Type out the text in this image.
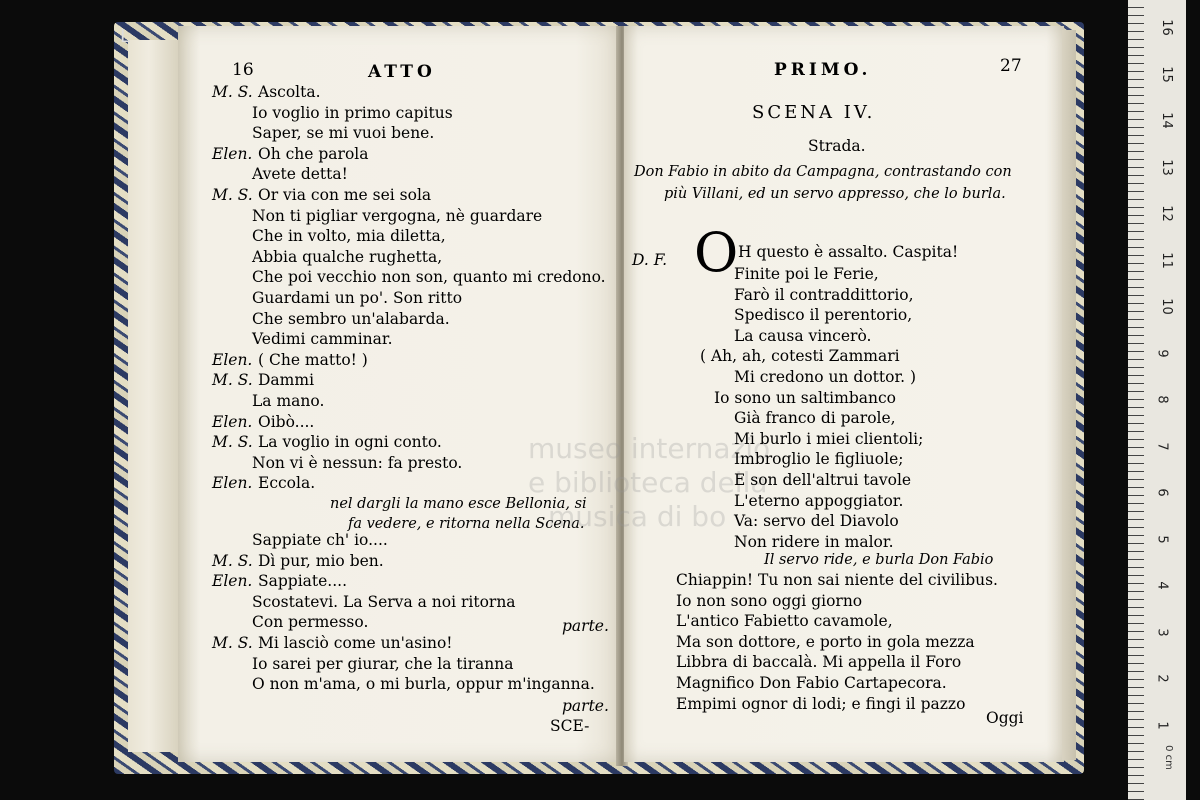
L	16
15
14
13
12
11
10
9
8
7
6
5
4
3
2
1
0 cm
16	ATTO	PRIMO.	27
SCENA IV.
Strada.
Don Fabio in abito da Campagna, contrastando con
più Villani, ed un servo appresso, che lo burla.
D. F. O H questo è assalto. Caspita!
Il servo ride, e burla Don Fabio
Oggi
nel dargli la mano esce Bellonia, si
fa vedere, e ritorna nella Scena.
parte.
parte.
SCE-
museo internazio
e biblioteca della
musica di bo
M. S. Ascolta.
Io voglio in primo capitus
Saper, se mi vuoi bene.
Elen. Oh che parola
Avete detta!
M. S. Or via con me sei sola
Non ti pigliar vergogna, nè guardare
Che in volto, mia diletta,
Abbia qualche rughetta,
Che poi vecchio non son, quanto mi credono.
Guardami un po'. Son ritto
Che sembro un'alabarda.
Vedimi camminar.
Elen. ( Che matto! )
M. S. Dammi
La mano.
Elen. Oibò....
M. S. La voglio in ogni conto.
Non vi è nessun: fa presto.
Elen. Eccola.
Sappiate ch' io....
M. S. Dì pur, mio ben.
Elen. Sappiate....
Scostatevi. La Serva a noi ritorna
Con permesso.
M. S. Mi lasciò come un'asino!
Io sarei per giurar, che la tiranna
O non m'ama, o mi burla, oppur m'inganna.
Finite poi le Ferie,
Farò il contraddittorio,
Spedisco il perentorio,
La causa vincerò.
( Ah, ah, cotesti Zammari
Mi credono un dottor. )
Io sono un saltimbanco
Già franco di parole,
Mi burlo i miei clientoli;
Imbroglio le figliuole;
E son dell'altrui tavole
L'eterno appoggiator.
Va: servo del Diavolo
Non ridere in malor.
Chiappin! Tu non sai niente del civilibus.
Io non sono oggi giorno
L'antico Fabietto cavamole,
Ma son dottore, e porto in gola mezza
Libbra di baccalà. Mi appella il Foro
Magnifico Don Fabio Cartapecora.
Empimi ognor di lodi; e fingi il pazzo
